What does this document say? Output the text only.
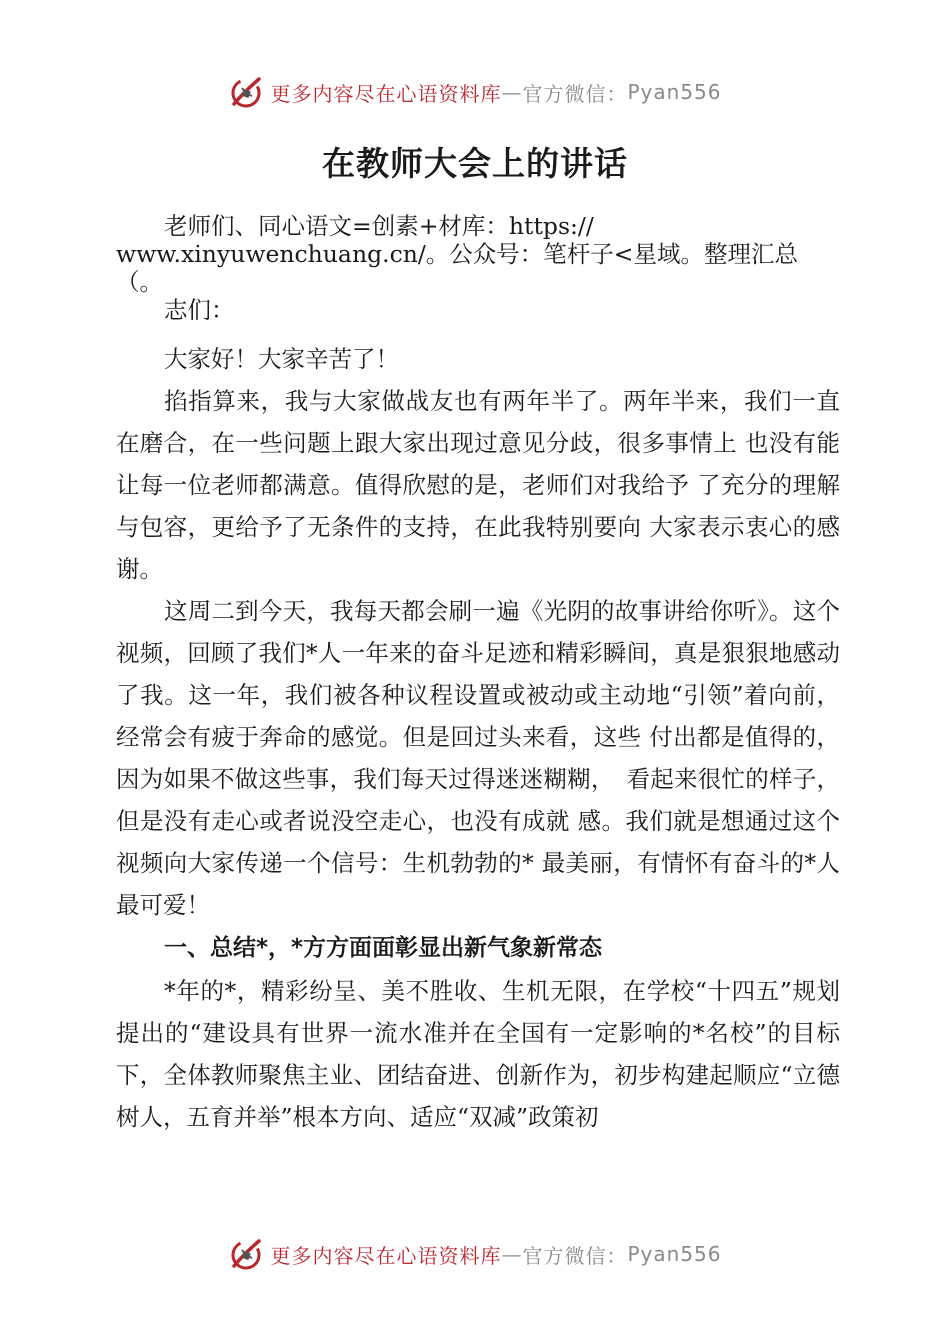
更多内容尽在心语资料库 — 官方微信： Pyan556
在教师大会上的讲话
老师们、同心语文=创素+材库：https://
www.xinyuwenchuang.cn/。公众号：笔杆子<星域。整理汇总（。
志们：

大家好！大家辛苦了！

掐指算来，我与大家做战友也有两年半了。两年半来，我们一直在磨合，在一些问题上跟大家出现过意见分歧，很多事情上 也没有能让每一位老师都满意。值得欣慰的是，老师们对我给予 了充分的理解与包容，更给予了无条件的支持，在此我特别要向 大家表示衷心的感谢。

这周二到今天，我每天都会刷一遍《光阴的故事讲给你听》。这个视频，回顾了我们*人一年来的奋斗足迹和精彩瞬间，真是狠狠地感动了我。这一年，我们被各种议程设置或被动或主动地“引领”着向前，经常会有疲于奔命的感觉。但是回过头来看，这些 付出都是值得的，因为如果不做这些事，我们每天过得迷迷糊糊，　看起来很忙的样子，但是没有走心或者说没空走心，也没有成就 感。我们就是想通过这个视频向大家传递一个信号：生机勃勃的* 最美丽，有情怀有奋斗的*人最可爱！

一、总结*，*方方面面彰显出新气象新常态

*年的*，精彩纷呈、美不胜收、生机无限，在学校“十四五”规划提出的“建设具有世界一流水准并在全国有一定影响的*名校”的目标下，全体教师聚焦主业、团结奋进、创新作为，初步构建起顺应“立德树人，五育并举”根本方向、适应“双减”政策初

更多内容尽在心语资料库 — 官方微信： Pyan556
